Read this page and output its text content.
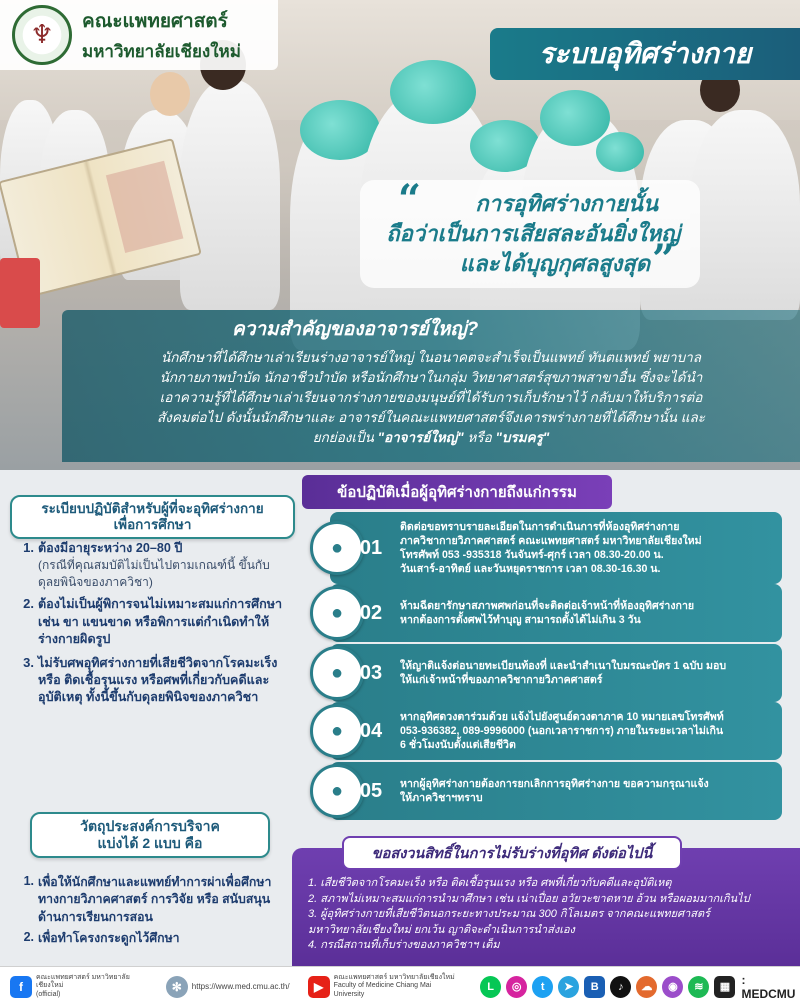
♆ คณะแพทยศาสตร์
มหาวิทยาลัยเชียงใหม่	ระบบอุทิศร่างกาย
“ การอุทิศร่างกายนั้น
ถือว่าเป็นการเสียสละอันยิ่งใหญ่
และได้บุญกุศลสูงสุด ”
ความสำคัญของอาจารย์ใหญ่?
นักศึกษาที่ได้ศึกษาเล่าเรียนร่างอาจารย์ใหญ่ ในอนาคตจะสำเร็จเป็นแพทย์ ทันตแพทย์ พยาบาล
นักกายภาพบำบัด นักอาชีวบำบัด หรือนักศึกษาในกลุ่ม วิทยาศาสตร์สุขภาพสาขาอื่น ซึ่งจะได้นำ
เอาความรู้ที่ได้ศึกษาเล่าเรียนจากร่างกายของมนุษย์ที่ได้รับการเก็บรักษาไว้ กลับมาให้บริการต่อ
สังคมต่อไป ดังนั้นนักศึกษาและ อาจารย์ในคณะแพทยศาสตร์จึงเคารพร่างกายที่ได้ศึกษานั้น และ
ยกย่องเป็น "อาจารย์ใหญ่" หรือ "บรมครู"
ระเบียบปฏิบัติสำหรับผู้ที่จะอุทิศร่างกาย
เพื่อการศึกษา
1. ต้องมีอายุระหว่าง 20–80 ปี
(กรณีที่คุณสมบัติไม่เป็นไปตามเกณฑ์นี้ ขึ้นกับดุลยพินิจของภาควิชา)
2. ต้องไม่เป็นผู้พิการจนไม่เหมาะสมแก่การศึกษา เช่น ขา แขนขาด หรือพิการแต่กำเนิดทำให้ร่างกายผิดรูป
3. ไม่รับศพอุทิศร่างกายที่เสียชีวิตจากโรคมะเร็ง หรือ ติดเชื้อรุนแรง หรือศพที่เกี่ยวกับคดีและอุบัติเหตุ ทั้งนี้ขึ้นกับดุลยพินิจของภาควิชา
วัตถุประสงค์การบริจาค
แบ่งได้ 2 แบบ คือ
1. เพื่อให้นักศึกษาและแพทย์ทำการผ่าเพื่อศึกษาทางกายวิภาคศาสตร์ การวิจัย หรือ สนับสนุนด้านการเรียนการสอน
2. เพื่อทำโครงกระดูกไว้ศึกษา
ข้อปฏิบัติเมื่อผู้อุทิศร่างกายถึงแก่กรรม
● 01
ติดต่อขอทราบรายละเอียดในการดำเนินการที่ห้องอุทิศร่างกาย
ภาควิชากายวิภาคศาสตร์ คณะแพทยศาสตร์ มหาวิทยาลัยเชียงใหม่
โทรศัพท์ 053 -935318 วันจันทร์-ศุกร์ เวลา 08.30-20.00 น.
วันเสาร์-อาทิตย์ และวันหยุดราชการ เวลา 08.30-16.30 น.
● 02 ห้ามฉีดยารักษาสภาพศพก่อนที่จะติดต่อเจ้าหน้าที่ห้องอุทิศร่างกาย
หากต้องการตั้งศพไว้ทำบุญ สามารถตั้งได้ไม่เกิน 3 วัน
● 03 ให้ญาติแจ้งต่อนายทะเบียนท้องที่ และนำสำเนาใบมรณะบัตร 1 ฉบับ มอบ
ให้แก่เจ้าหน้าที่ของภาควิชากายวิภาคศาสตร์
● 04
หากอุทิศดวงตาร่วมด้วย แจ้งไปยังศูนย์ดวงตาภาค 10 หมายเลขโทรศัพท์
053-936382, 089-9996000 (นอกเวลาราชการ) ภายในระยะเวลาไม่เกิน
6 ชั่วโมงนับตั้งแต่เสียชีวิต
● 05 หากผู้อุทิศร่างกายต้องการยกเลิกการอุทิศร่างกาย ขอความกรุณาแจ้ง
ให้ภาควิชาฯทราบ
ขอสงวนสิทธิ์ในการไม่รับร่างที่อุทิศ ดังต่อไปนี้
1. เสียชีวิตจากโรคมะเร็ง หรือ ติดเชื้อรุนแรง หรือ ศพที่เกี่ยวกับคดีและอุบัติเหตุ
2. สภาพไม่เหมาะสมแก่การนำมาศึกษา เช่น เน่าเปื่อย อวัยวะขาดหาย อ้วน หรือผอมมากเกินไป
3. ผู้อุทิศร่างกายที่เสียชีวิตนอกระยะทางประมาณ 300 กิโลเมตร จากคณะแพทยศาสตร์
มหาวิทยาลัยเชียงใหม่ ยกเว้น ญาติจะดำเนินการนำส่งเอง
4. กรณีสถานที่เก็บร่างของภาควิชาฯ เต็ม
f
คณะแพทยศาสตร์ มหาวิทยาลัยเชียงใหม่
(official)
✻	https://www.med.cmu.ac.th/	▶
คณะแพทยศาสตร์ มหาวิทยาลัยเชียงใหม่
Faculty of Medicine Chiang Mai University
L	◎	t	➤	B	♪	☁	◉	≋	▦
: MEDCMU
